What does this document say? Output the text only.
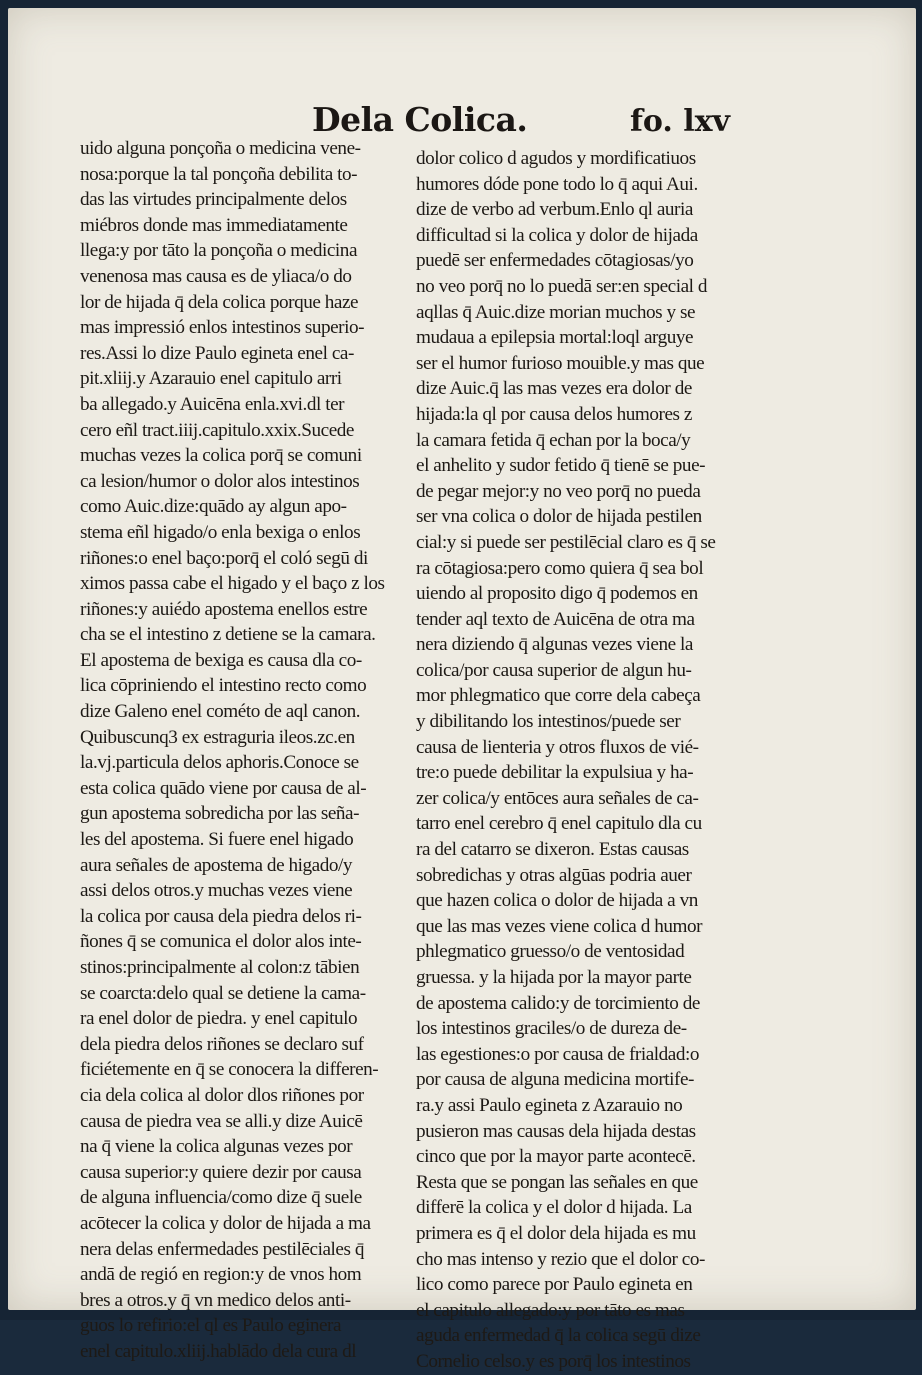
Dela Colica.	fo. lxv
uido alguna ponçoña o medicina vene-
nosa:porque la tal ponçoña debilita to-
das las virtudes principalmente delos
miébros donde mas immediatamente
llega:y por tāto la ponçoña o medicina
venenosa mas causa es de yliaca/o do
lor de hijada q̄ dela colica porque haze
mas impressió enlos intestinos superio-
res.Assi lo dize Paulo egineta enel ca-
pit.xliij.y Azarauio enel capitulo arri
ba allegado.y Auicēna enla.xvi.dl ter
cero eñl tract.iiij.capitulo.xxix.Sucede
muchas vezes la colica porq̄ se comuni
ca lesion/humor o dolor alos intestinos
como Auic.dize:quādo ay algun apo-
stema eñl higado/o enla bexiga o enlos
riñones:o enel baço:porq̄ el coló segū di
ximos passa cabe el higado y el baço z los
riñones:y auiédo apostema enellos estre
cha se el intestino z detiene se la camara.
El apostema de bexiga es causa dla co-
lica cōpriniendo el intestino recto como
dize Galeno enel cométo de aql canon.
Quibuscunq3 ex estraguria ileos.zc.en
la.vj.particula delos aphoris.Conoce se
esta colica quādo viene por causa de al-
gun apostema sobredicha por las seña-
les del apostema. Si fuere enel higado
aura señales de apostema de higado/y
assi delos otros.y muchas vezes viene
la colica por causa dela piedra delos ri-
ñones q̄ se comunica el dolor alos inte-
stinos:principalmente al colon:z tābien
se coarcta:delo qual se detiene la cama-
ra enel dolor de piedra. y enel capitulo
dela piedra delos riñones se declaro suf
ficiétemente en q̄ se conocera la differen-
cia dela colica al dolor dlos riñones por
causa de piedra vea se alli.y dize Auicē
na q̄ viene la colica algunas vezes por
causa superior:y quiere dezir por causa
de alguna influencia/como dize q̄ suele
acōtecer la colica y dolor de hijada a ma
nera delas enfermedades pestilēciales q̄
andā de regió en region:y de vnos hom
bres a otros.y q̄ vn medico delos anti-
guos lo refirio:el ql es Paulo eginera
enel capitulo.xliij.hablādo dela cura dl
dolor colico d agudos y mordificatiuos
humores dóde pone todo lo q̄ aqui Aui.
dize de verbo ad verbum.Enlo ql auria
difficultad si la colica y dolor de hijada
puedē ser enfermedades cōtagiosas/yo
no veo porq̄ no lo puedā ser:en special d
aqllas q̄ Auic.dize morian muchos y se
mudaua a epilepsia mortal:loql arguye
ser el humor furioso mouible.y mas que
dize Auic.q̄ las mas vezes era dolor de
hijada:la ql por causa delos humores z
la camara fetida q̄ echan por la boca/y
el anhelito y sudor fetido q̄ tienē se pue-
de pegar mejor:y no veo porq̄ no pueda
ser vna colica o dolor de hijada pestilen
cial:y si puede ser pestilēcial claro es q̄ se
ra cōtagiosa:pero como quiera q̄ sea bol
uiendo al proposito digo q̄ podemos en
tender aql texto de Auicēna de otra ma
nera diziendo q̄ algunas vezes viene la
colica/por causa superior de algun hu-
mor phlegmatico que corre dela cabeça
y dibilitando los intestinos/puede ser
causa de lienteria y otros fluxos de vié-
tre:o puede debilitar la expulsiua y ha-
zer colica/y entōces aura señales de ca-
tarro enel cerebro q̄ enel capitulo dla cu
ra del catarro se dixeron. Estas causas
sobredichas y otras algūas podria auer
que hazen colica o dolor de hijada a vn
que las mas vezes viene colica d humor
phlegmatico gruesso/o de ventosidad
gruessa. y la hijada por la mayor parte
de apostema calido:y de torcimiento de
los intestinos graciles/o de dureza de-
las egestiones:o por causa de frialdad:o
por causa de alguna medicina mortife-
ra.y assi Paulo egineta z Azarauio no
pusieron mas causas dela hijada destas
cinco que por la mayor parte acontecē.
Resta que se pongan las señales en que
differē la colica y el dolor d hijada. La
primera es q̄ el dolor dela hijada es mu
cho mas intenso y rezio que el dolor co-
lico como parece por Paulo egineta en
el capitulo allegado:y por tāto es mas
aguda enfermedad q̄ la colica segū dize
Cornelio celso.y es porq̄ los intestinos
